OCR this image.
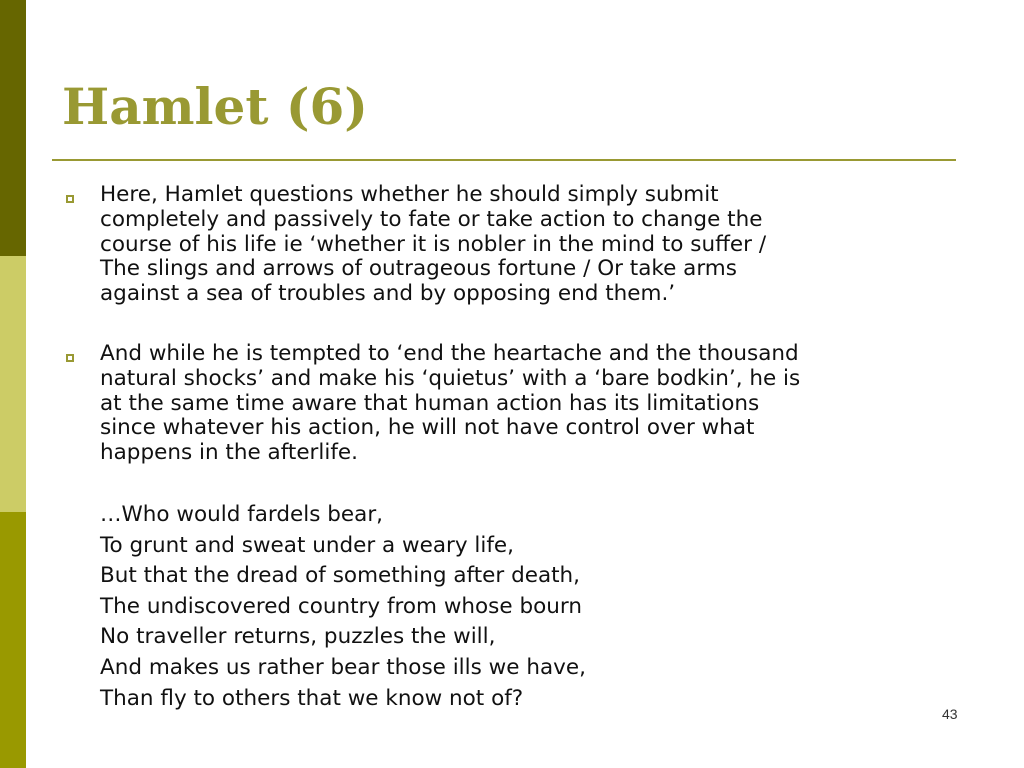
Hamlet (6)
Here, Hamlet questions whether he should simply submit
completely and passively to fate or take action to change the
course of his life ie ‘whether it is nobler in the mind to suffer /
The slings and arrows of outrageous fortune / Or take arms
against a sea of troubles and by opposing end them.’
And while he is tempted to ‘end the heartache and the thousand
natural shocks’ and make his ‘quietus’ with a ‘bare bodkin’, he is
at the same time aware that human action has its limitations
since whatever his action, he will not have control over what
happens in the afterlife.
…Who would fardels bear,
To grunt and sweat under a weary life,
But that the dread of something after death,
The undiscovered country from whose bourn
No traveller returns, puzzles the will,
And makes us rather bear those ills we have,
Than fly to others that we know not of?
43
